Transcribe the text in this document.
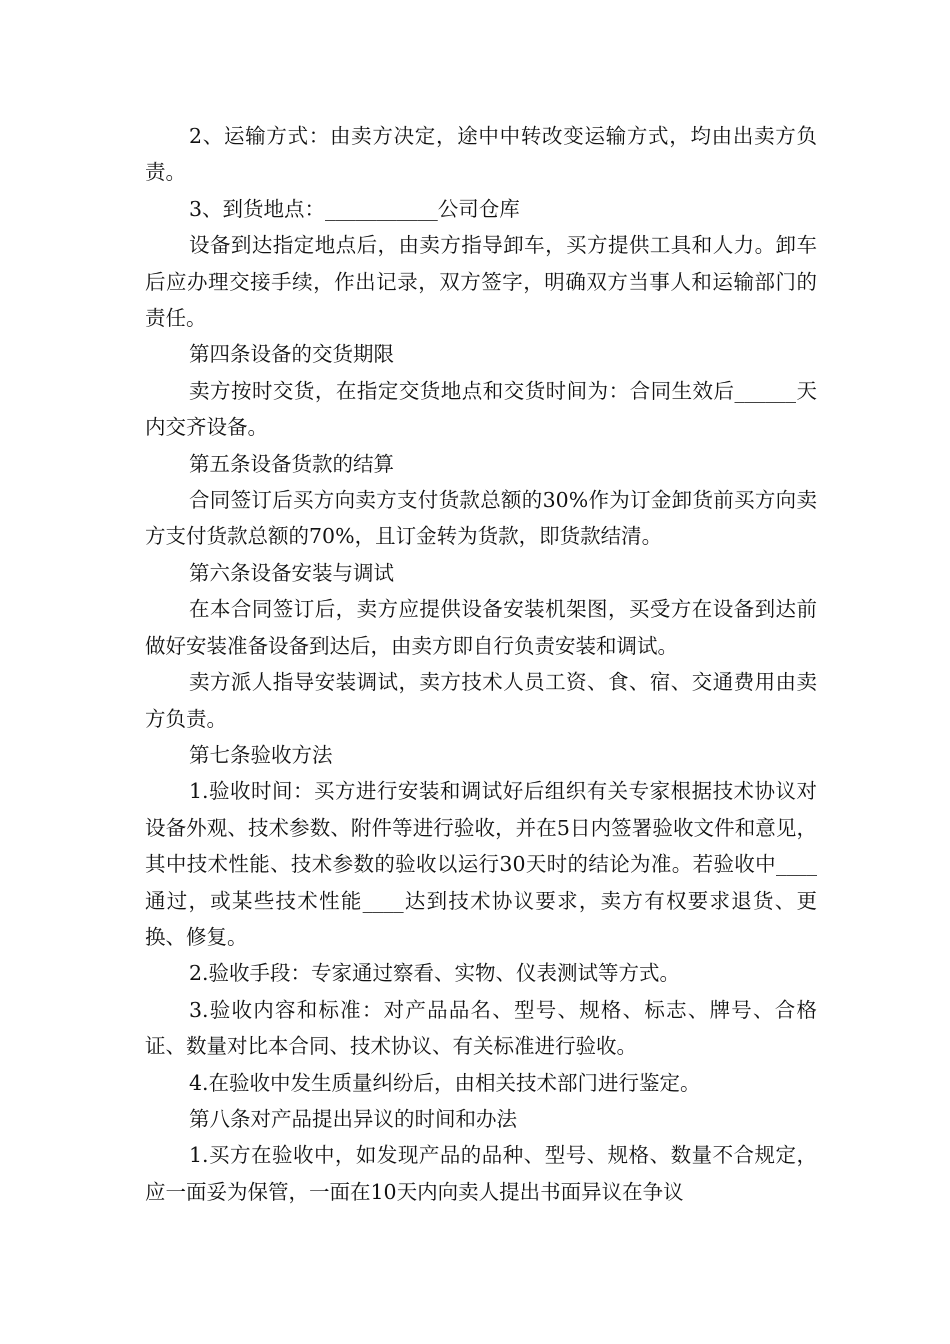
2、运输方式：由卖方决定，途中中转改变运输方式，均由出卖方负责。

3、到货地点：___________公司仓库

设备到达指定地点后，由卖方指导卸车，买方提供工具和人力。卸车后应办理交接手续，作出记录，双方签字，明确双方当事人和运输部门的责任。

第四条设备的交货期限

卖方按时交货，在指定交货地点和交货时间为：合同生效后______天内交齐设备。

第五条设备货款的结算

合同签订后买方向卖方支付货款总额的30%作为订金卸货前买方向卖方支付货款总额的70%，且订金转为货款，即货款结清。

第六条设备安装与调试

在本合同签订后，卖方应提供设备安装机架图，买受方在设备到达前做好安装准备设备到达后，由卖方即自行负责安装和调试。

卖方派人指导安装调试，卖方技术人员工资、食、宿、交通费用由卖方负责。

第七条验收方法

1.验收时间：买方进行安装和调试好后组织有关专家根据技术协议对设备外观、技术参数、附件等进行验收，并在5日内签署验收文件和意见，其中技术性能、技术参数的验收以运行30天时的结论为准。若验收中____通过，或某些技术性能____达到技术协议要求，卖方有权要求退货、更换、修复。

2.验收手段：专家通过察看、实物、仪表测试等方式。

3.验收内容和标准：对产品品名、型号、规格、标志、牌号、合格证、数量对比本合同、技术协议、有关标准进行验收。

4.在验收中发生质量纠纷后，由相关技术部门进行鉴定。

第八条对产品提出异议的时间和办法

1.买方在验收中，如发现产品的品种、型号、规格、数量不合规定，应一面妥为保管，一面在10天内向卖人提出书面异议在争议
